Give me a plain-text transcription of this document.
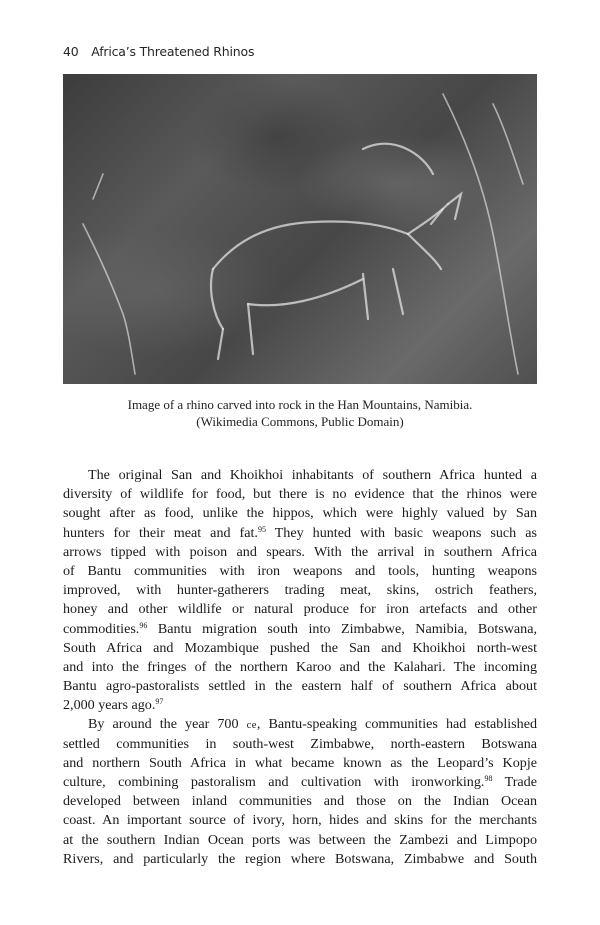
40 Africa’s Threatened Rhinos
Image of a rhino carved into rock in the Han Mountains, Namibia.
(Wikimedia Commons, Public Domain)
The original San and Khoikhoi inhabitants of southern Africa hunted a
diversity of wildlife for food, but there is no evidence that the rhinos were
sought after as food, unlike the hippos, which were highly valued by San
hunters for their meat and fat.$^{95}$ They hunted with basic weapons such as
arrows tipped with poison and spears. With the arrival in southern Africa
of Bantu communities with iron weapons and tools, hunting weapons
improved, with hunter-gatherers trading meat, skins, ostrich feathers,
honey and other wildlife or natural produce for iron artefacts and other
commodities.$^{96}$ Bantu migration south into Zimbabwe, Namibia, Botswana,
South Africa and Mozambique pushed the San and Khoikhoi north-west
and into the fringes of the northern Karoo and the Kalahari. The incoming
Bantu agro-pastoralists settled in the eastern half of southern Africa about
2,000 years ago.$^{97}$
By around the year 700 ce, Bantu-speaking communities had established
settled communities in south-west Zimbabwe, north-eastern Botswana
and northern South Africa in what became known as the Leopard’s Kopje
culture, combining pastoralism and cultivation with ironworking.$^{98}$ Trade
developed between inland communities and those on the Indian Ocean
coast. An important source of ivory, horn, hides and skins for the merchants
at the southern Indian Ocean ports was between the Zambezi and Limpopo
Rivers, and particularly the region where Botswana, Zimbabwe and South
